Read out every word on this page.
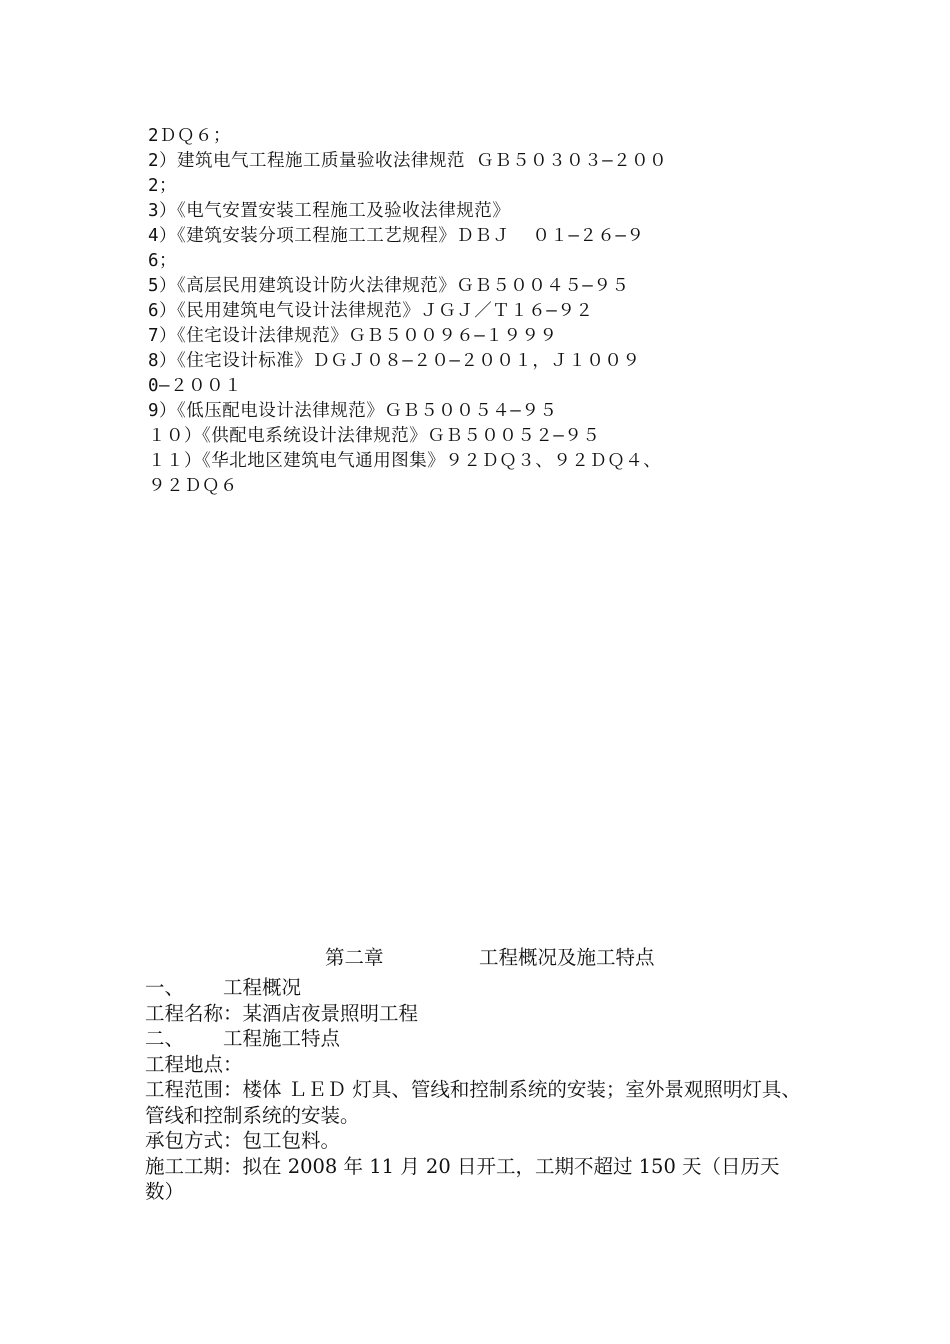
2ＤＱ６；
2）建筑电气工程施工质量验收法律规范 ＧＢ５０３０３—２００
2；
3）《电气安置安装工程施工及验收法律规范》
4）《建筑安装分项工程施工工艺规程》ＤＢＪ  ０１—２６—９
6；
5）《高层民用建筑设计防火法律规范》ＧＢ５００４５—９５
6）《民用建筑电气设计法律规范》ＪＧＪ／Ｔ１６—９２
7）《住宅设计法律规范》ＧＢ５００９６—１９９９
8）《住宅设计标准》ＤＧＪ０８—２０—２００１，Ｊ１００９
0—２００１
9）《低压配电设计法律规范》ＧＢ５００５４—９５
１０）《供配电系统设计法律规范》ＧＢ５００５２—９５
１１）《华北地区建筑电气通用图集》９２ＤＱ３、９２ＤＱ４、
９２ＤＱ６
第二章	工程概况及施工特点
一、 工程概况
工程名称：某酒店夜景照明工程
二、 工程施工特点
工程地点：
工程范围：楼体 ＬＥＤ 灯具、管线和控制系统的安装；室外景观照明灯具、管线和控制系统的安装。
承包方式：包工包料。
施工工期：拟在 2008 年 11 月 20 日开工，工期不超过 150 天（日历天数）
